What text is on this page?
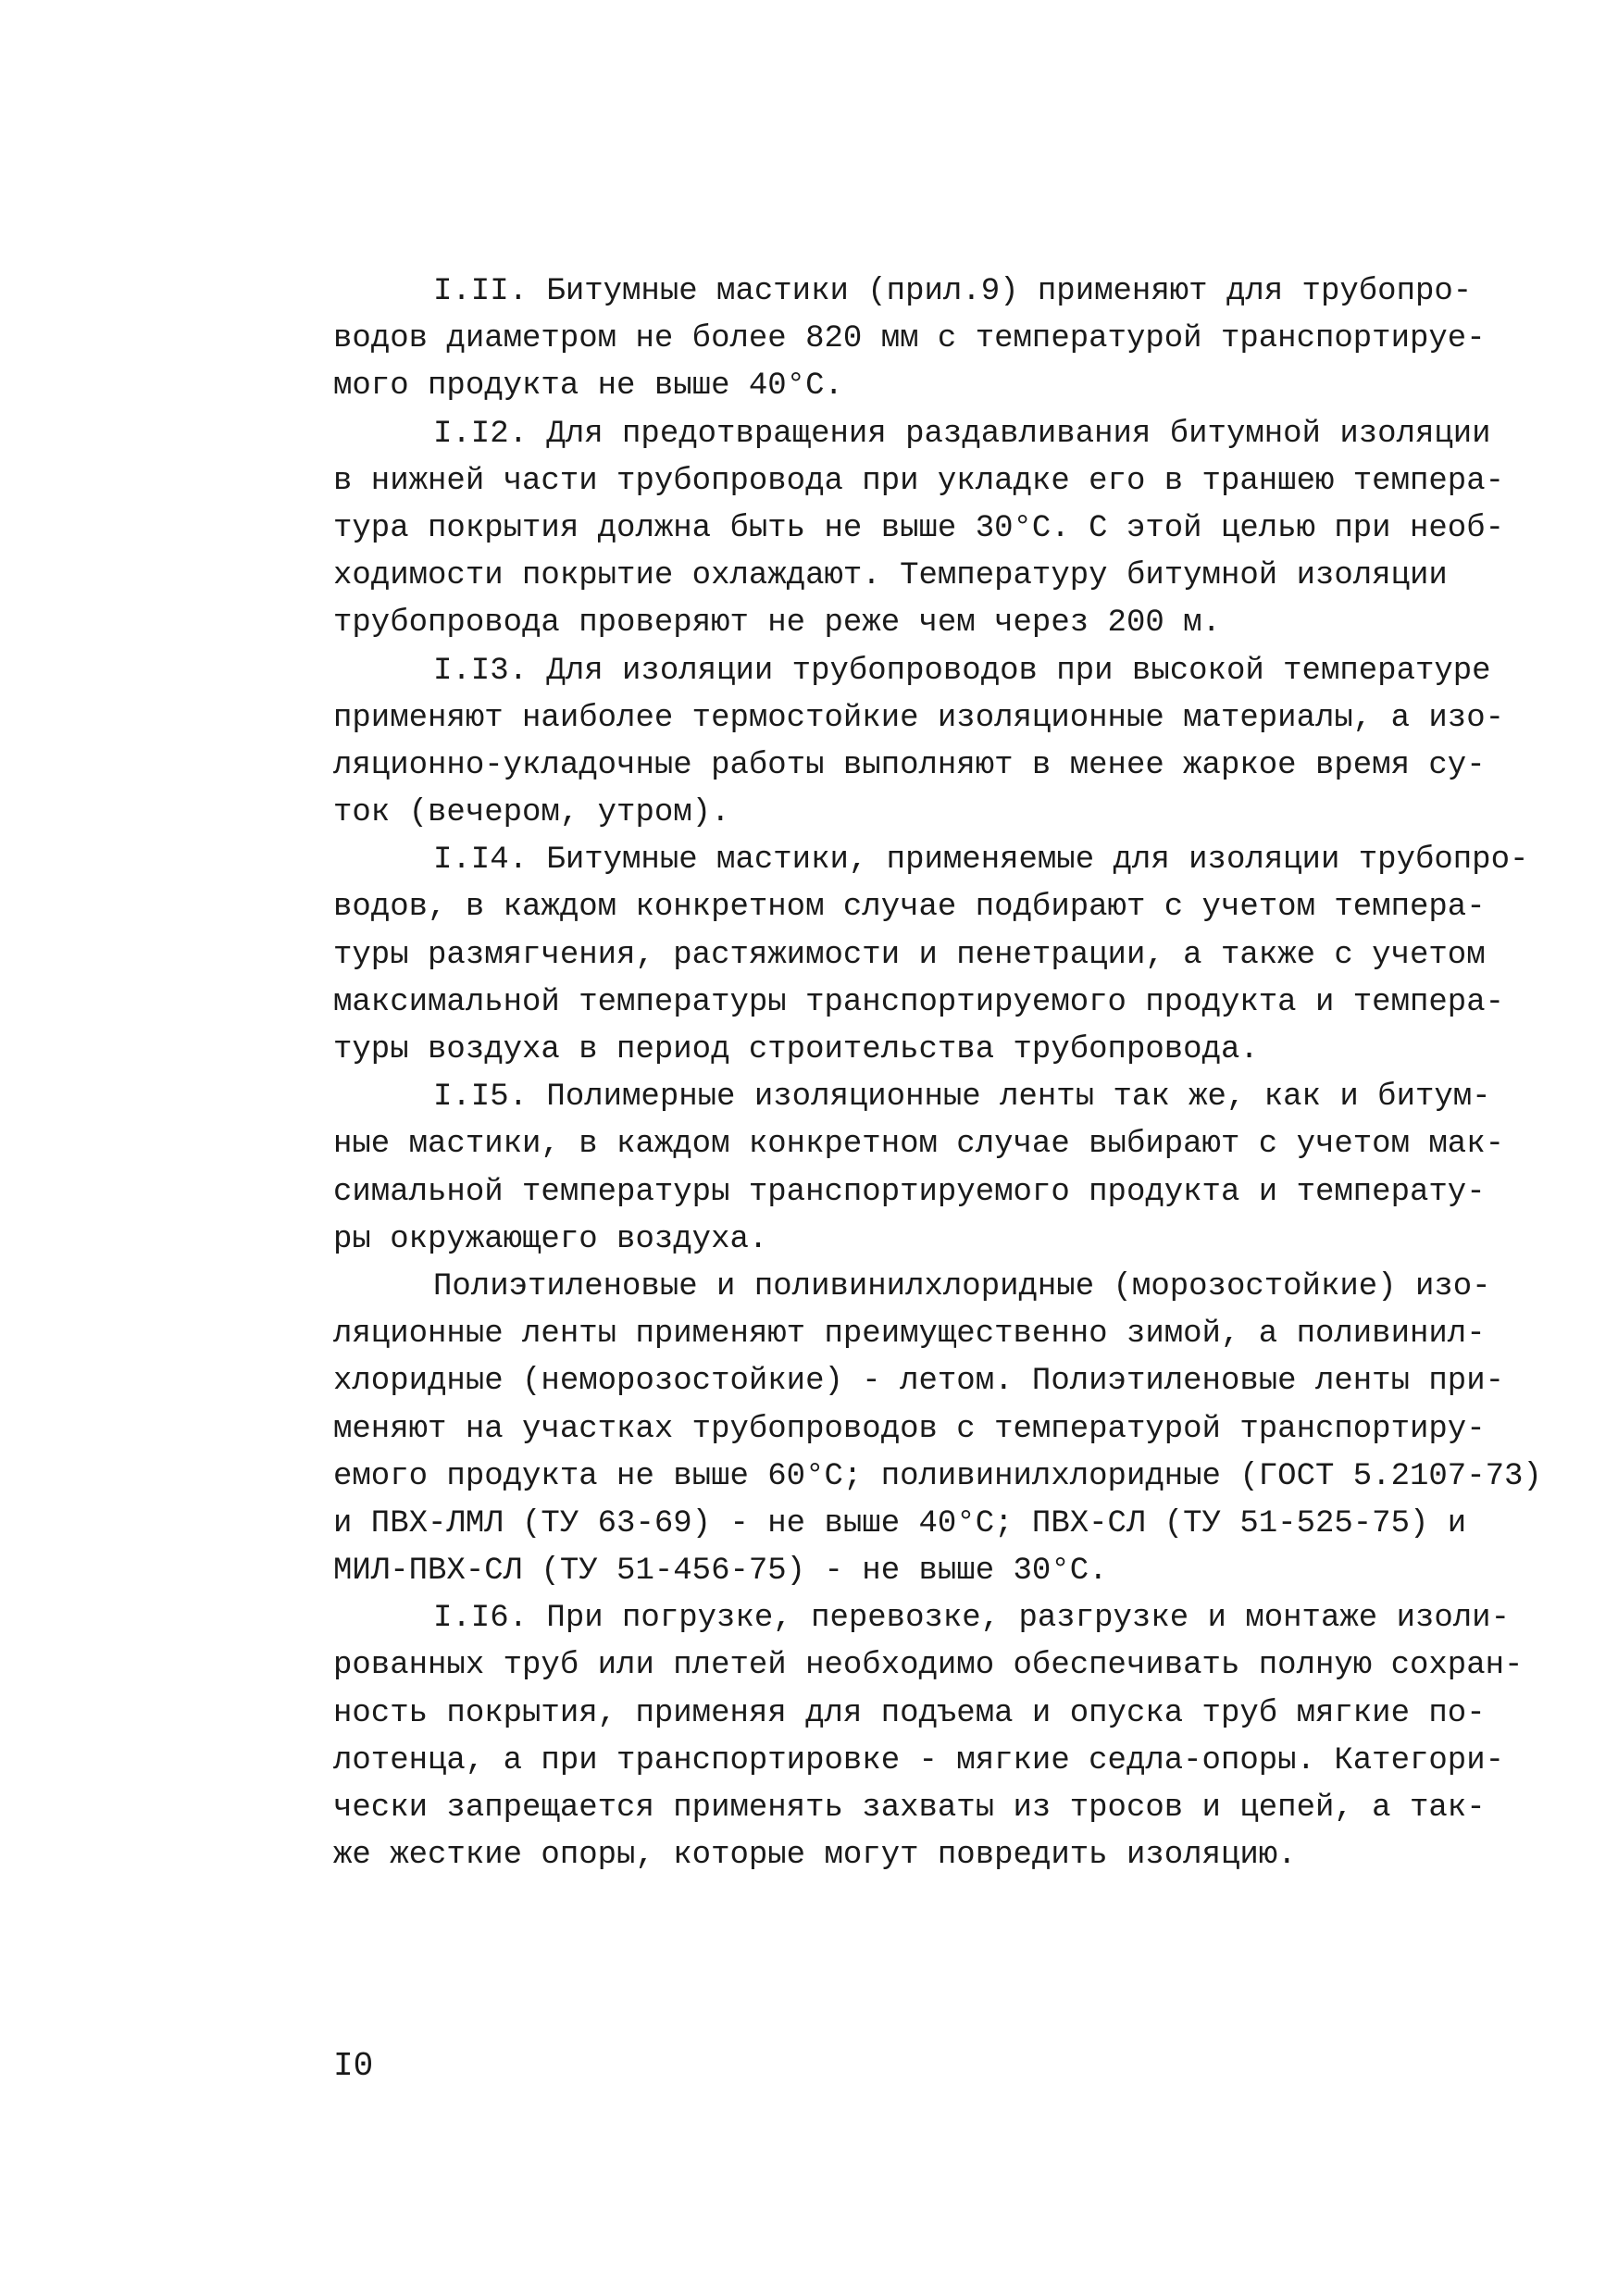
I.II. Битумные мастики (прил.9) применяют для трубопро-
водов диаметром не более 820 мм с температурой транспортируе-
мого продукта не выше 40°С.
I.I2. Для предотвращения раздавливания битумной изоляции
в нижней части трубопровода при укладке его в траншею темпера-
тура покрытия должна быть не выше 30°С. С этой целью при необ-
ходимости покрытие охлаждают. Температуру битумной изоляции
трубопровода проверяют не реже чем через 200 м.
I.I3. Для изоляции трубопроводов при высокой температуре
применяют наиболее термостойкие изоляционные материалы, а изо-
ляционно-укладочные работы выполняют в менее жаркое время су-
ток (вечером, утром).
I.I4. Битумные мастики, применяемые для изоляции трубопро-
водов, в каждом конкретном случае подбирают с учетом темпера-
туры размягчения, растяжимости и пенетрации, а также с учетом
максимальной температуры транспортируемого продукта и темпера-
туры воздуха в период строительства трубопровода.
I.I5. Полимерные изоляционные ленты так же, как и битум-
ные мастики, в каждом конкретном случае выбирают с учетом мак-
симальной температуры транспортируемого продукта и температу-
ры окружающего воздуха.
Полиэтиленовые и поливинилхлоридные (морозостойкие) изо-
ляционные ленты применяют преимущественно зимой, а поливинил-
хлоридные (неморозостойкие) - летом. Полиэтиленовые ленты при-
меняют на участках трубопроводов с температурой транспортиру-
емого продукта не выше 60°С; поливинилхлоридные (ГОСТ 5.2107-73)
и ПВХ-ЛМЛ (ТУ 63-69) - не выше 40°С; ПВХ-СЛ (ТУ 51-525-75) и
МИЛ-ПВХ-СЛ (ТУ 51-456-75) - не выше 30°С.
I.I6. При погрузке, перевозке, разгрузке и монтаже изоли-
рованных труб или плетей необходимо обеспечивать полную сохран-
ность покрытия, применяя для подъема и опуска труб мягкие по-
лотенца, а при транспортировке - мягкие седла-опоры. Категори-
чески запрещается применять захваты из тросов и цепей, а так-
же жесткие опоры, которые могут повредить изоляцию.
I0
